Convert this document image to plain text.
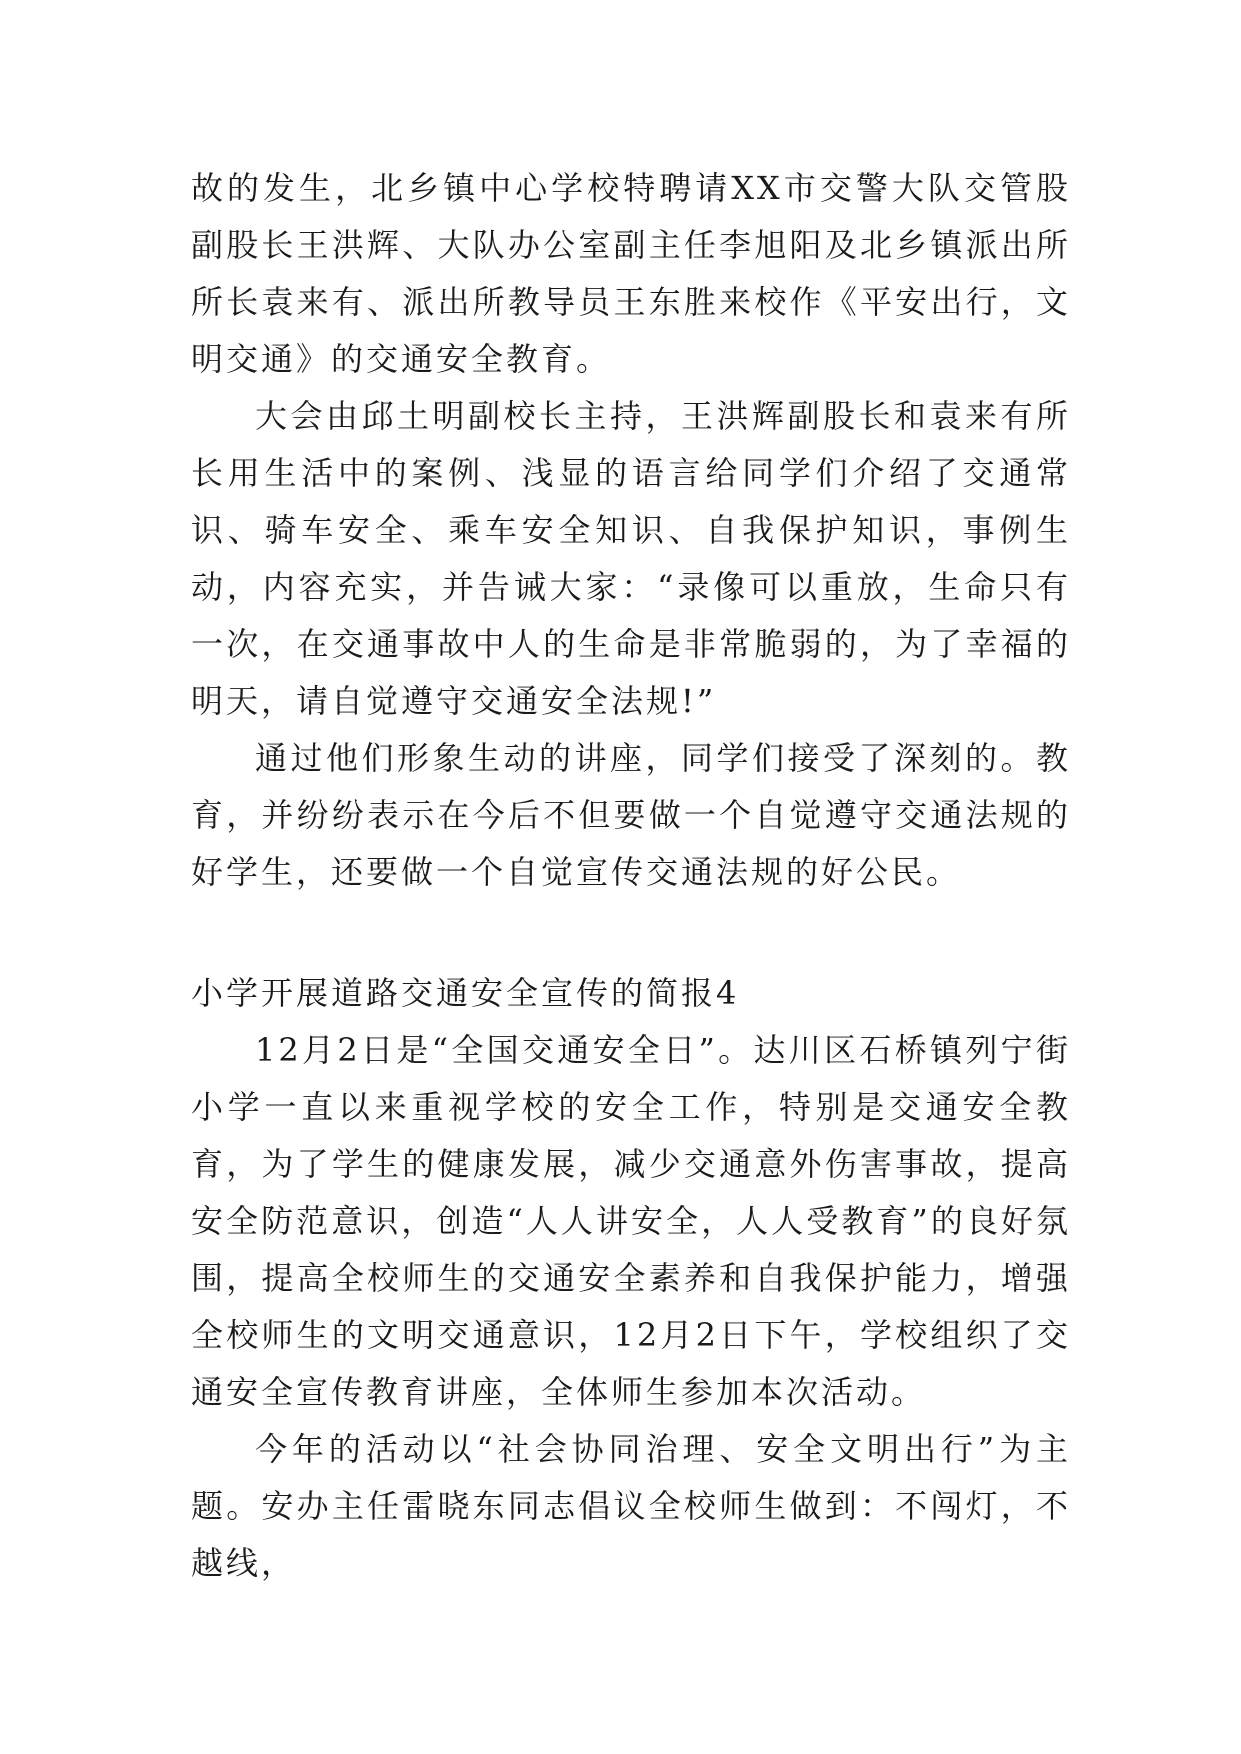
故的发生，北乡镇中心学校特聘请XX市交警大队交管股副股长王洪辉、大队办公室副主任李旭阳及北乡镇派出所所长袁来有、派出所教导员王东胜来校作《平安出行，文明交通》的交通安全教育。

大会由邱土明副校长主持，王洪辉副股长和袁来有所长用生活中的案例、浅显的语言给同学们介绍了交通常识、骑车安全、乘车安全知识、自我保护知识，事例生动，内容充实，并告诫大家：“录像可以重放，生命只有一次，在交通事故中人的生命是非常脆弱的，为了幸福的明天，请自觉遵守交通安全法规!”

通过他们形象生动的讲座，同学们接受了深刻的。教育，并纷纷表示在今后不但要做一个自觉遵守交通法规的好学生，还要做一个自觉宣传交通法规的好公民。

小学开展道路交通安全宣传的简报4

12月2日是“全国交通安全日”。达川区石桥镇列宁街小学一直以来重视学校的安全工作，特别是交通安全教育，为了学生的健康发展，减少交通意外伤害事故，提高安全防范意识，创造“人人讲安全，人人受教育”的良好氛围，提高全校师生的交通安全素养和自我保护能力，增强全校师生的文明交通意识，12月2日下午，学校组织了交通安全宣传教育讲座，全体师生参加本次活动。

今年的活动以“社会协同治理、安全文明出行”为主题。安办主任雷晓东同志倡议全校师生做到：不闯灯，不越线，
